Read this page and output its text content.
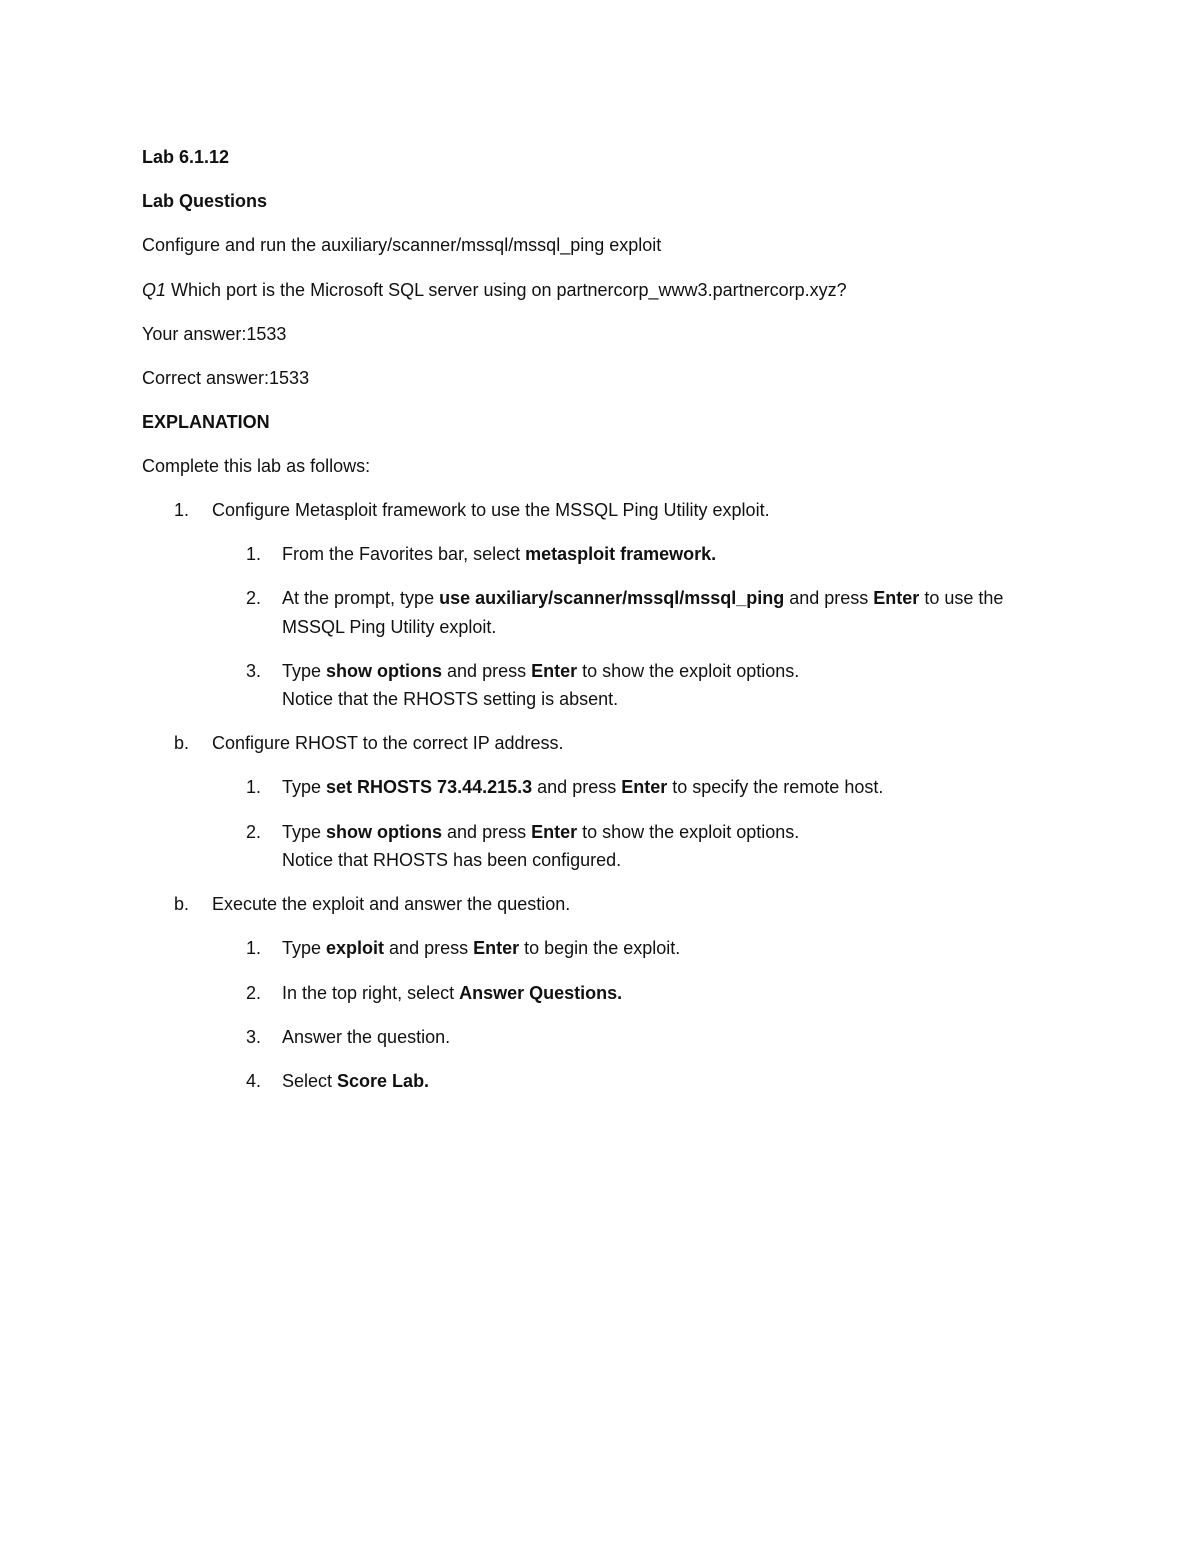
Lab 6.1.12
Lab Questions
Configure and run the auxiliary/scanner/mssql/mssql_ping exploit
Q1 Which port is the Microsoft SQL server using on partnercorp_www3.partnercorp.xyz?
Your answer:1533
Correct answer:1533
EXPLANATION
Complete this lab as follows:
1. Configure Metasploit framework to use the MSSQL Ping Utility exploit.
1. From the Favorites bar, select metasploit framework.
2. At the prompt, type use auxiliary/scanner/mssql/mssql_ping and press Enter to use the
MSSQL Ping Utility exploit.
3. Type show options and press Enter to show the exploit options.
Notice that the RHOSTS setting is absent.
b. Configure RHOST to the correct IP address.
1. Type set RHOSTS 73.44.215.3 and press Enter to specify the remote host.
2. Type show options and press Enter to show the exploit options.
Notice that RHOSTS has been configured.
b. Execute the exploit and answer the question.
1. Type exploit and press Enter to begin the exploit.
2. In the top right, select Answer Questions.
3. Answer the question.
4. Select Score Lab.
